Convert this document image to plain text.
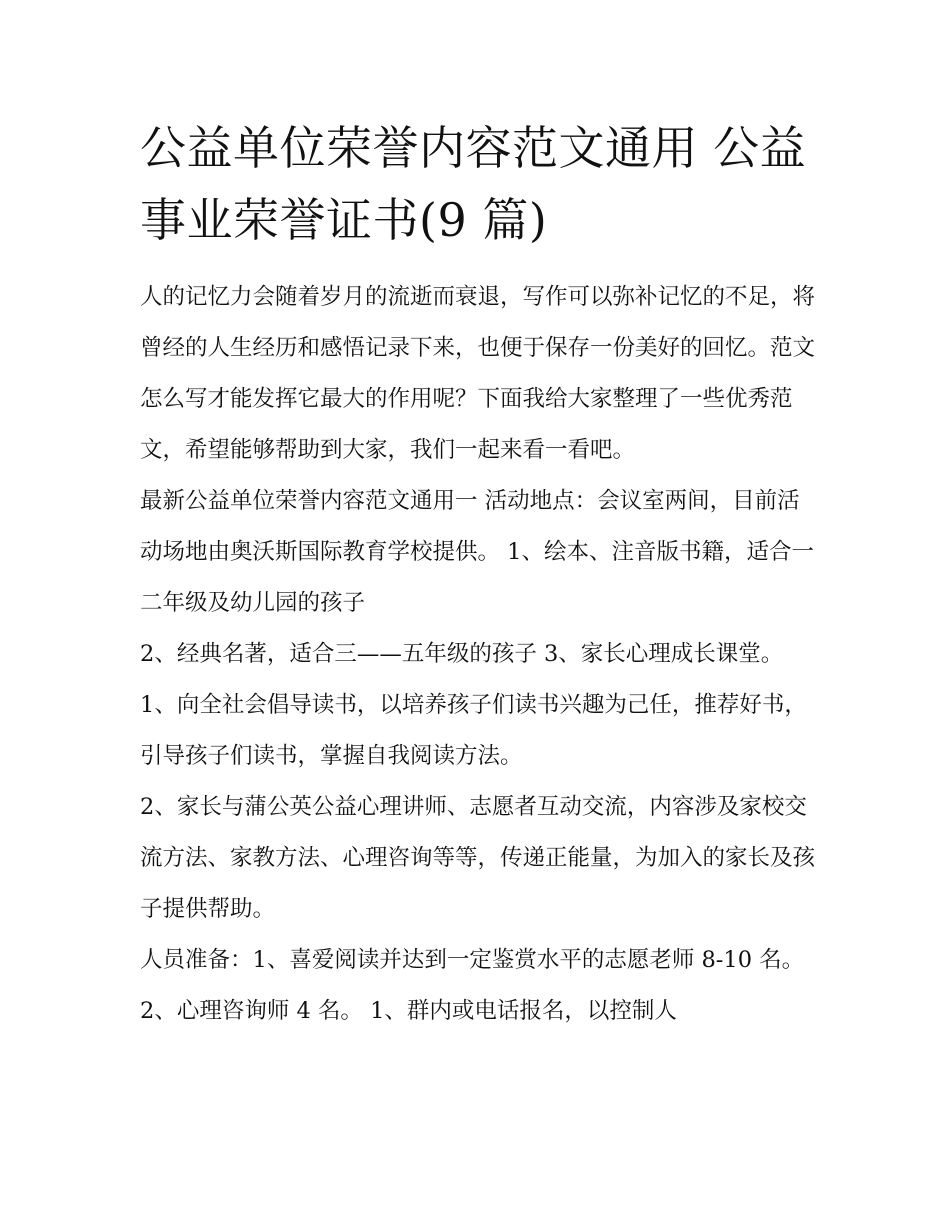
公益单位荣誉内容范文通用 公益事业荣誉证书(9 篇)

人的记忆力会随着岁月的流逝而衰退，写作可以弥补记忆的不足，将曾经的人生经历和感悟记录下来，也便于保存一份美好的回忆。范文怎么写才能发挥它最大的作用呢？下面我给大家整理了一些优秀范文，希望能够帮助到大家，我们一起来看一看吧。

最新公益单位荣誉内容范文通用一 活动地点：会议室两间，目前活动场地由奥沃斯国际教育学校提供。 1、绘本、注音版书籍，适合一二年级及幼儿园的孩子

2、经典名著，适合三——五年级的孩子 3、家长心理成长课堂。 1、向全社会倡导读书，以培养孩子们读书兴趣为己任，推荐好书，引导孩子们读书，掌握自我阅读方法。

2、家长与蒲公英公益心理讲师、志愿者互动交流，内容涉及家校交流方法、家教方法、心理咨询等等，传递正能量，为加入的家长及孩子提供帮助。

人员准备：1、喜爱阅读并达到一定鉴赏水平的志愿老师 8-10 名。 2、心理咨询师 4 名。 1、群内或电话报名，以控制人
